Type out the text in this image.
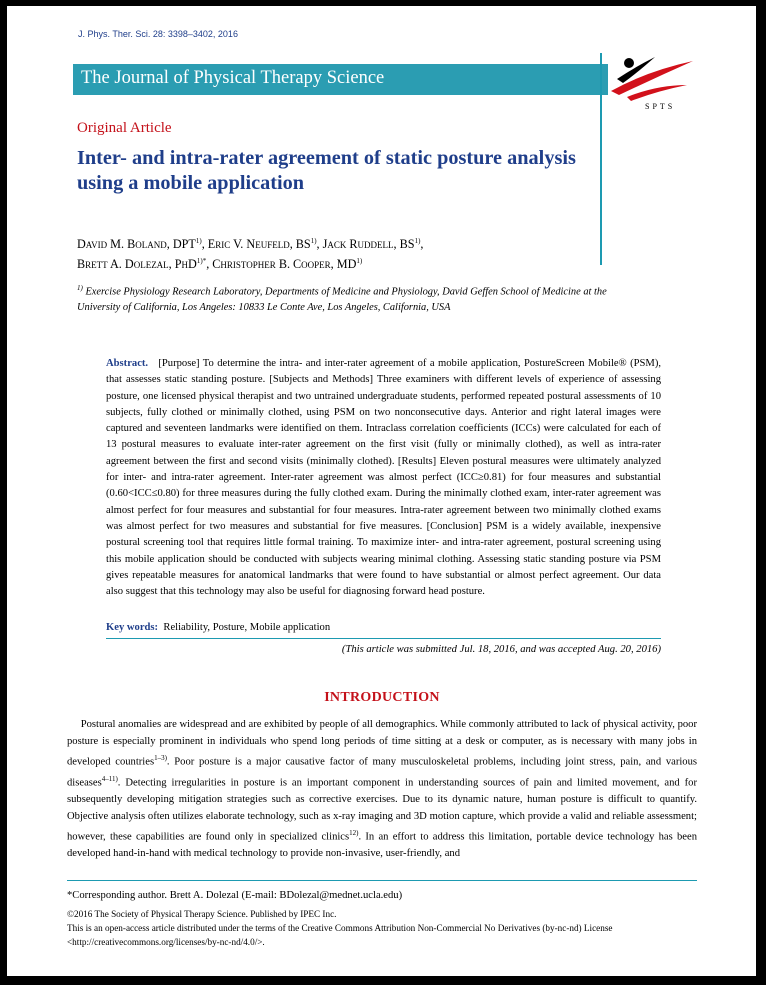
J. Phys. Ther. Sci. 28: 3398–3402, 2016
The Journal of Physical Therapy Science
SPTS
Original Article
Inter- and intra-rater agreement of static posture analysis using a mobile application
David M. Boland, DPT$^{1)}$, Eric V. Neufeld, BS$^{1)}$, Jack Ruddell, BS$^{1)}$,
Brett A. Dolezal, PhD$^{1)*}$, Christopher B. Cooper, MD$^{1)}$
$^{1)}$ Exercise Physiology Research Laboratory, Departments of Medicine and Physiology, David Geffen School of Medicine at the University of California, Los Angeles: 10833 Le Conte Ave, Los Angeles, California, USA
Abstract. [Purpose] To determine the intra- and inter-rater agreement of a mobile application, PostureScreen Mobile® (PSM), that assesses static standing posture. [Subjects and Methods] Three examiners with different levels of experience of assessing posture, one licensed physical therapist and two untrained undergraduate students, performed repeated postural assessments of 10 subjects, fully clothed or minimally clothed, using PSM on two nonconsecutive days. Anterior and right lateral images were captured and seventeen landmarks were identified on them. Intraclass correlation coefficients (ICCs) were calculated for each of 13 postural measures to evaluate inter-rater agreement on the first visit (fully or minimally clothed), as well as intra-rater agreement between the first and second visits (minimally clothed). [Results] Eleven postural measures were ultimately analyzed for inter- and intra-rater agreement. Inter-rater agreement was almost perfect (ICC≥0.81) for four measures and substantial (0.60<ICC≤0.80) for three measures during the fully clothed exam. During the minimally clothed exam, inter-rater agreement was almost perfect for four measures and substantial for four measures. Intra-rater agreement between two minimally clothed exams was almost perfect for two measures and substantial for five measures. [Conclusion] PSM is a widely available, inexpensive postural screening tool that requires little formal training. To maximize inter- and intra-rater agreement, postural screening using this mobile application should be conducted with subjects wearing minimal clothing. Assessing static standing posture via PSM gives repeatable measures for anatomical landmarks that were found to have substantial or almost perfect agreement. Our data also suggest that this technology may also be useful for diagnosing forward head posture.
Key words: Reliability, Posture, Mobile application
(This article was submitted Jul. 18, 2016, and was accepted Aug. 20, 2016)
INTRODUCTION
Postural anomalies are widespread and are exhibited by people of all demographics. While commonly attributed to lack of physical activity, poor posture is especially prominent in individuals who spend long periods of time sitting at a desk or computer, as is necessary with many jobs in developed countries$^{1-3)}$. Poor posture is a major causative factor of many musculoskeletal problems, including joint stress, pain, and various diseases$^{4-11)}$. Detecting irregularities in posture is an important component in understanding sources of pain and limited movement, and for subsequently developing mitigation strategies such as corrective exercises. Due to its dynamic nature, human posture is difficult to quantify. Objective analysis often utilizes elaborate technology, such as x-ray imaging and 3D motion capture, which provide a valid and reliable assessment; however, these capabilities are found only in specialized clinics$^{12)}$. In an effort to address this limitation, portable device technology has been developed hand-in-hand with medical technology to provide non-invasive, user-friendly, and
*Corresponding author. Brett A. Dolezal (E-mail: BDolezal@mednet.ucla.edu)
©2016 The Society of Physical Therapy Science. Published by IPEC Inc.
This is an open-access article distributed under the terms of the Creative Commons Attribution Non-Commercial No Derivatives (by-nc-nd) License <http://creativecommons.org/licenses/by-nc-nd/4.0/>.
